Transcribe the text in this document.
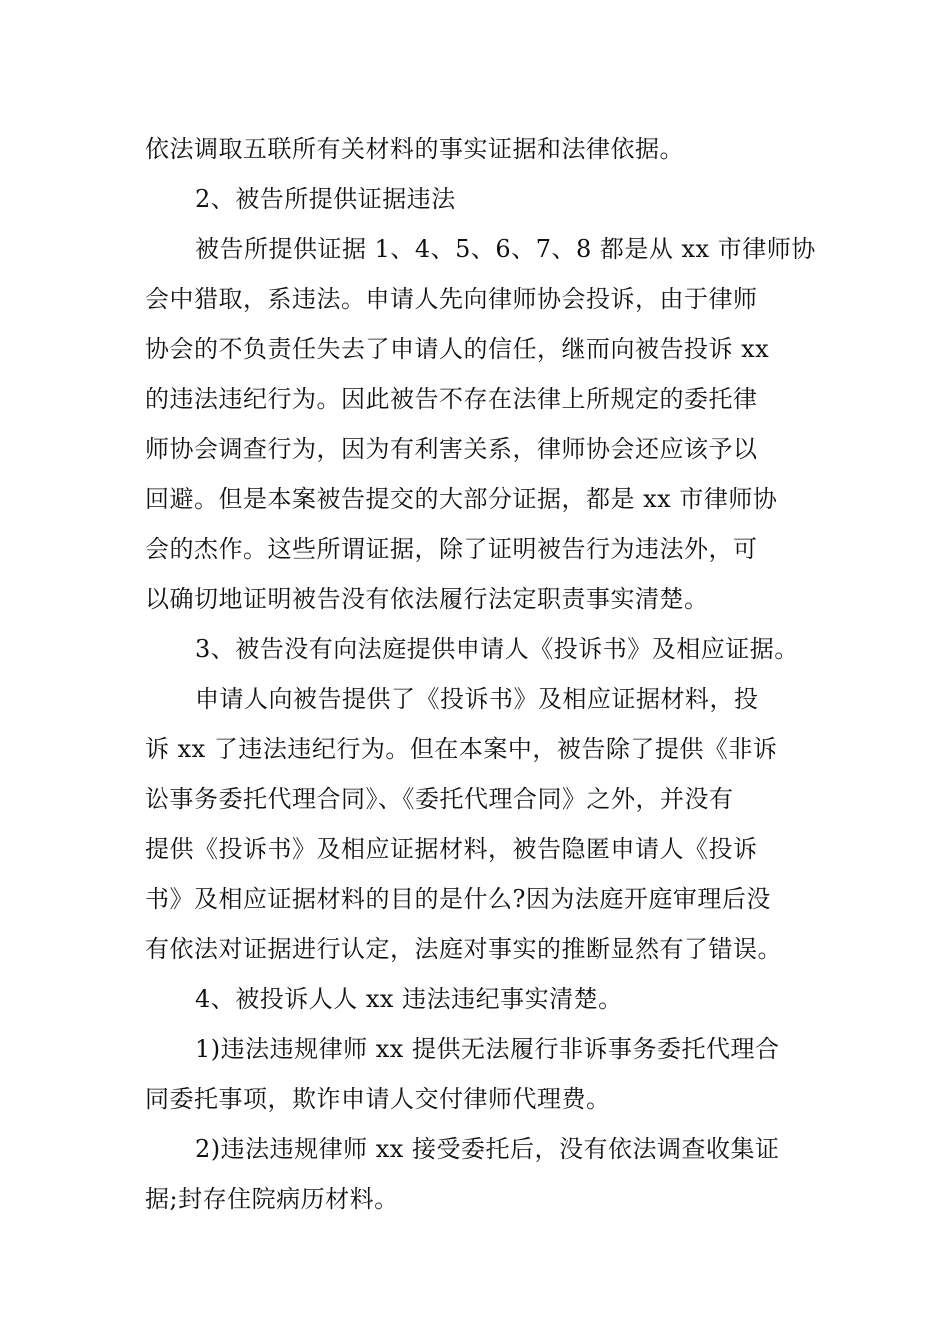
依法调取五联所有关材料的事实证据和法律依据。
2、被告所提供证据违法
被告所提供证据 1、4、5、6、7、8 都是从 xx 市律师协
会中猎取，系违法。申请人先向律师协会投诉，由于律师
协会的不负责任失去了申请人的信任，继而向被告投诉 xx
的违法违纪行为。因此被告不存在法律上所规定的委托律
师协会调查行为，因为有利害关系，律师协会还应该予以
回避。但是本案被告提交的大部分证据，都是 xx 市律师协
会的杰作。这些所谓证据，除了证明被告行为违法外，可
以确切地证明被告没有依法履行法定职责事实清楚。
3、被告没有向法庭提供申请人《投诉书》及相应证据。
申请人向被告提供了《投诉书》及相应证据材料，投
诉 xx 了违法违纪行为。但在本案中，被告除了提供《非诉
讼事务委托代理合同》、《委托代理合同》之外，并没有
提供《投诉书》及相应证据材料，被告隐匿申请人《投诉
书》及相应证据材料的目的是什么?因为法庭开庭审理后没
有依法对证据进行认定，法庭对事实的推断显然有了错误。
4、被投诉人人 xx 违法违纪事实清楚。
1)违法违规律师 xx 提供无法履行非诉事务委托代理合
同委托事项，欺诈申请人交付律师代理费。
2)违法违规律师 xx 接受委托后，没有依法调查收集证
据;封存住院病历材料。
